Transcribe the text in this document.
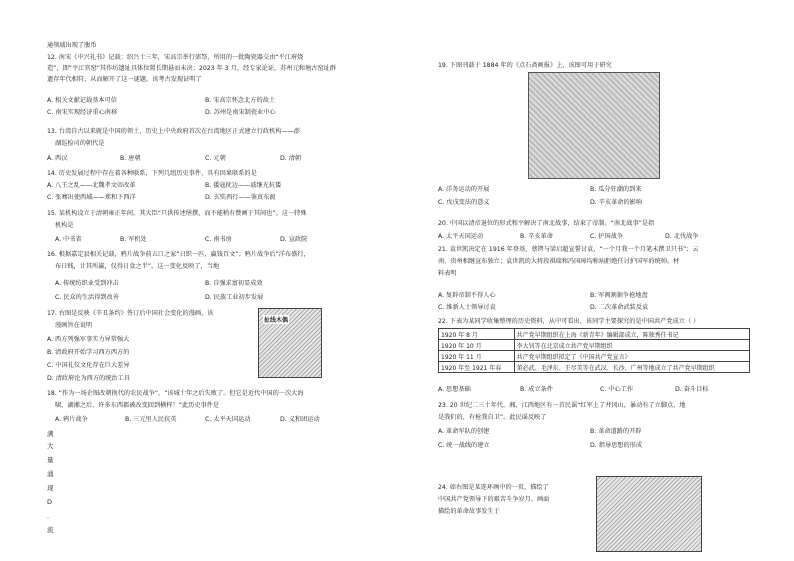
通领域出现了腹币
12. 南宋《中兴礼书》记载：绍兴十三年，宋高宗举行郊祭，所用的一批陶瓷器交由“平江府烧
造”，即“平江官窑”其作坊遗址具体位置长期悬而未决；2023 年 3 月，经专家论证，苏州元和塘古窑址群
遗存年代相符，从而解开了这一谜题。该考古发现证明了
A. 相关文献记载基本可信	B. 宋高宗怀念北方的故土
C. 南宋实现经济重心南移	D. 苏州是南宋制瓷业中心
13. 台湾自古以来就是中国的领土，历史上中央政府首次在台湾地区正式建立行政机构——澎
湖巡检司的朝代是
A. 西汉	B. 唐朝	C. 元朝	D. 清朝
14. 历史发展过程中存在着各种联系，下列几组历史事件，具有因果联系的是
A. 八王之乱——北魏孝文帝改革	B. 倭寇扰边——戚继光抗倭
C. 张骞出使西域——郑和下西洋	D. 玄奘西行——鉴真东渡
15. 某机构设立于清朝雍正年间，其大臣“只供传述缮撰，而不能稍有赞画于其间也”。这一特殊
机构是
A. 中书省	B. 军机处	C. 南书房	D. 宣政院
16. 根据嘉定县相关记载，鸦片战争前五口之家“日织一匹，赢钱百文”；鸦片战争后“洋布盛行，
布日贱，计其所赢，仅得日食之半”。这一变化反映了，当地
A. 传统纺织业受到冲击	B. 自强求富初显成效
C. 民众的生活得到改善	D. 民族工业初步发展
17. 右图是反映《辛丑条约》签订后中国社会变化的漫画，该
漫画旨在说明
A. 西方列强军事实力异常强大
B. 清政府开始学习西方西方的
C. 中国礼仪文化存在巨大差异
D. 清政府沦为西方的统治工具
扯线木偶
18. “作为一场企图改朝换代的农民战争”，“该城十年之后失败了。但它是近代中国的一次大海
啸，湖湘之后，许多东西都被改变回到横样！”此历史事件是
A. 鸦片战争	B. 三元里人民抗英	C. 太平天国运动	D. 义和团运动
满
大
量
涌
现
D
．
流
19. 下图刊载于 1884 年的《点石斋画报》上，该图可用于研究
A. 洋务运动的开展	B. 瓜分狂潮的到来
C. 戊戌变法的意义	D. 辛亥革命的影响
20. 中国以清帝退位的形式和平解决了南北战事，结束了帝制。“南北战事”是指
A. 太平天国运动	B. 辛亥革命	C. 护国战争	D. 北伐战争
21. 袁世凯决定在 1916 年登基，蔡锷与梁启超宣誓讨袁，“一个月我一个月笔未撰卫只书”；云
南、贵州相继宣布独立；袁世凯的大将段祺瑞和冯国璋均称病拒绝任讨护国军的统帅。材
料表明
A. 复辟帝制不得人心	B. 军阀割据争抢地盘
C. 维新人士领导讨袁	D. 二次革命武装反袁
22. 下表为某同学收集整理的历史资料，从中可看出，该同学主要探究的是中国共产党成立（ ）
1920 年 8 月	共产党早期组织在上海《新青年》编辑部成立，陈独秀任书记
1920 年 10 月	李大钊等在北京成立共产党早期组织
1920 年 11 月	共产党早期组织拟定了《中国共产党宣言》
1920 年至 1921 年春	董必武、毛泽东、王尽美等在武汉、长沙、广州等地成立了共产党早期组织
A. 思想基础	B. 成立条件	C. 中心工作	D. 奋斗目标
23. 20 世纪二三十年代，湘、江西地区有一首民谣“红军上了井冈山，暴动有了立脚点，地
是我们的，有枪我自卫”。此民谣反映了
A. 革命军队的创建	B. 革命道路的开辟
C. 统一战线的建立	D. 指导思想的形成
24. 如右图是某连环画中的一页，描绘了
中国共产党领导下的艰苦斗争岁月。画面
描绘的革命故事发生于
